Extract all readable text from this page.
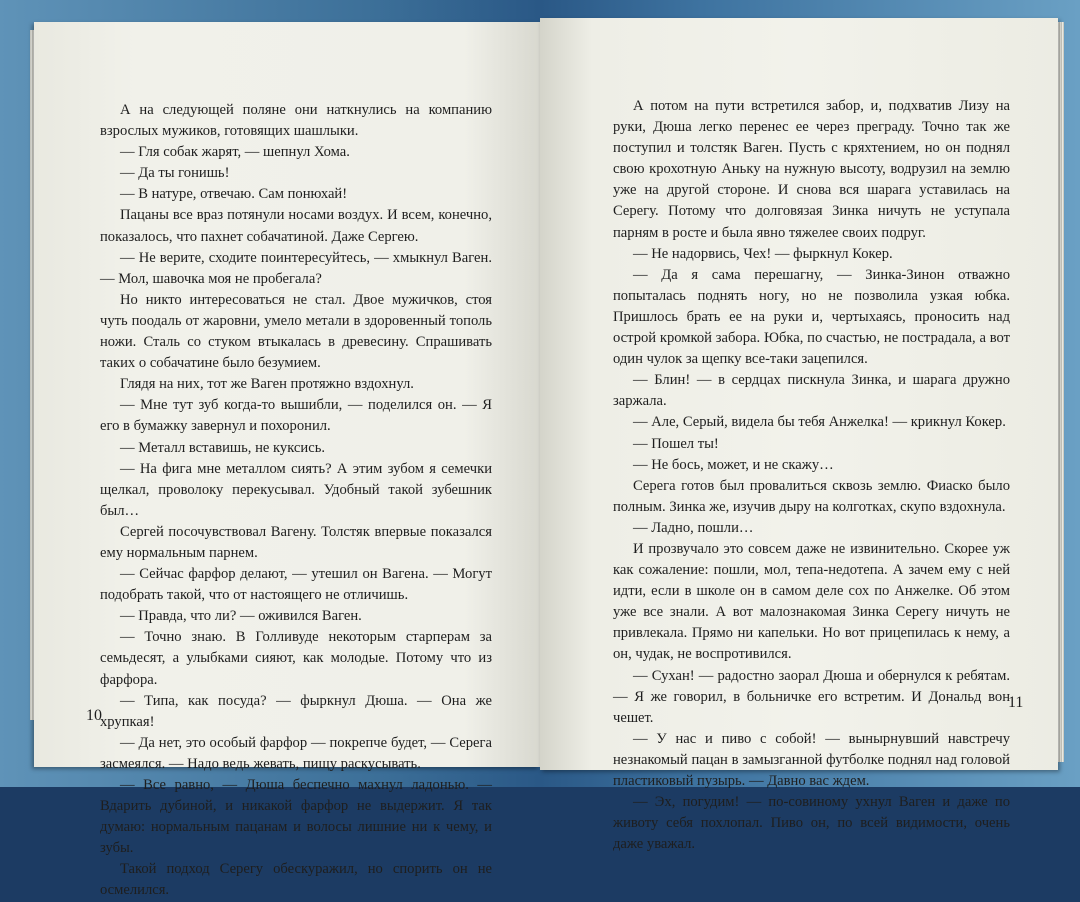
А на следующей поляне они наткнулись на компанию взрослых мужиков, готовящих шашлыки.

— Гля собак жарят, — шепнул Хома.

— Да ты гонишь!

— В натуре, отвечаю. Сам понюхай!

Пацаны все враз потянули носами воздух. И всем, конечно, показалось, что пахнет собачатиной. Даже Сергею.

— Не верите, сходите поинтересуйтесь, — хмыкнул Ваген. — Мол, шавочка моя не пробегала?

Но никто интересоваться не стал. Двое мужичков, стоя чуть поодаль от жаровни, умело метали в здоровенный тополь ножи. Сталь со стуком втыкалась в древесину. Спрашивать таких о собачатине было безумием.

Глядя на них, тот же Ваген протяжно вздохнул.

— Мне тут зуб когда-то вышибли, — поделился он. — Я его в бумажку завернул и похоронил.

— Металл вставишь, не куксись.

— На фига мне металлом сиять? А этим зубом я семечки щелкал, проволоку перекусывал. Удобный такой зубешник был…

Сергей посочувствовал Вагену. Толстяк впервые показался ему нормальным парнем.

— Сейчас фарфор делают, — утешил он Вагена. — Могут подобрать такой, что от настоящего не отличишь.

— Правда, что ли? — оживился Ваген.

— Точно знаю. В Голливуде некоторым старперам за семьдесят, а улыбками сияют, как молодые. Потому что из фарфора.

— Типа, как посуда? — фыркнул Дюша. — Она же хрупкая!

— Да нет, это особый фарфор — покрепче будет, — Серега засмеялся. — Надо ведь жевать, пищу раскусывать.

— Все равно, — Дюша беспечно махнул ладонью. — Вдарить дубиной, и никакой фарфор не выдержит. Я так думаю: нормальным пацанам и волосы лишние ни к чему, и зубы.

Такой подход Серегу обескуражил, но спорить он не осмелился.

10

А потом на пути встретился забор, и, подхватив Лизу на руки, Дюша легко перенес ее через преграду. Точно так же поступил и толстяк Ваген. Пусть с кряхтением, но он поднял свою крохотную Аньку на нужную высоту, водрузил на землю уже на другой стороне. И снова вся шарага уставилась на Серегу. Потому что долговязая Зинка ничуть не уступала парням в росте и была явно тяжелее своих подруг.

— Не надорвись, Чех! — фыркнул Кокер.

— Да я сама перешагну, — Зинка-Зинон отважно попыталась поднять ногу, но не позволила узкая юбка. Пришлось брать ее на руки и, чертыхаясь, проносить над острой кромкой забора. Юбка, по счастью, не пострадала, а вот один чулок за щепку все-таки зацепился.

— Блин! — в сердцах пискнула Зинка, и шарага дружно заржала.

— Але, Серый, видела бы тебя Анжелка! — крикнул Кокер.

— Пошел ты!

— Не бось, может, и не скажу…

Серега готов был провалиться сквозь землю. Фиаско было полным. Зинка же, изучив дыру на колготках, скупо вздохнула.

— Ладно, пошли…

И прозвучало это совсем даже не извинительно. Скорее уж как сожаление: пошли, мол, тепа-недотепа. А зачем ему с ней идти, если в школе он в самом деле сох по Анжелке. Об этом уже все знали. А вот малознакомая Зинка Серегу ничуть не привлекала. Прямо ни капельки. Но вот прицепилась к нему, а он, чудак, не воспротивился.

— Сухан! — радостно заорал Дюша и обернулся к ребятам. — Я же говорил, в больничке его встретим. И Дональд вон чешет.

— У нас и пиво с собой! — вынырнувший навстречу незнакомый пацан в замызганной футболке поднял над головой пластиковый пузырь. — Давно вас ждем.

— Эх, погудим! — по-совиному ухнул Ваген и даже по животу себя похлопал. Пиво он, по всей видимости, очень даже уважал.

11
